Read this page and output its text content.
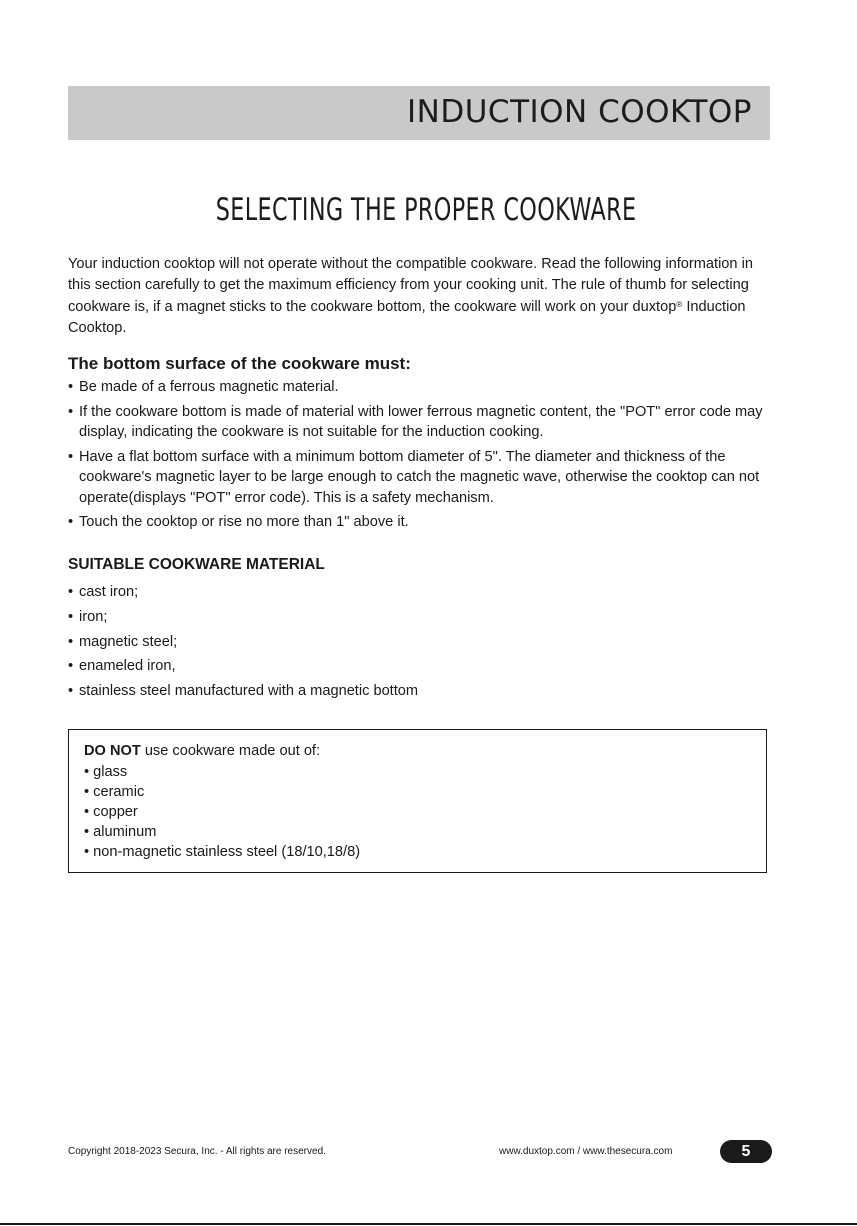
INDUCTION COOKTOP
SELECTING THE PROPER COOKWARE

Your induction cooktop will not operate without the compatible cookware. Read the following information in this section carefully to get the maximum efficiency from your cooking unit. The rule of thumb for selecting cookware is, if a magnet sticks to the cookware bottom, the cookware will work on your duxtop® Induction Cooktop.

The bottom surface of the cookware must:
• Be made of a ferrous magnetic material.
• If the cookware bottom is made of material with lower ferrous magnetic content, the "POT" error code may display, indicating the cookware is not suitable for the induction cooking.
• Have a flat bottom surface with a minimum bottom diameter of 5". The diameter and thickness of the cookware's magnetic layer to be large enough to catch the magnetic wave, otherwise the cooktop can not operate(displays "POT" error code). This is a safety mechanism.
• Touch the cooktop or rise no more than 1" above it.
SUITABLE COOKWARE MATERIAL
• cast iron;
• iron;
• magnetic steel;
• enameled iron,
• stainless steel manufactured with a magnetic bottom
DO NOT use cookware made out of:
• glass
• ceramic
• copper
• aluminum
• non-magnetic stainless steel (18/10,18/8)
Copyright 2018-2023 Secura, Inc. - All rights are reserved.	www.duxtop.com / www.thesecura.com	5
